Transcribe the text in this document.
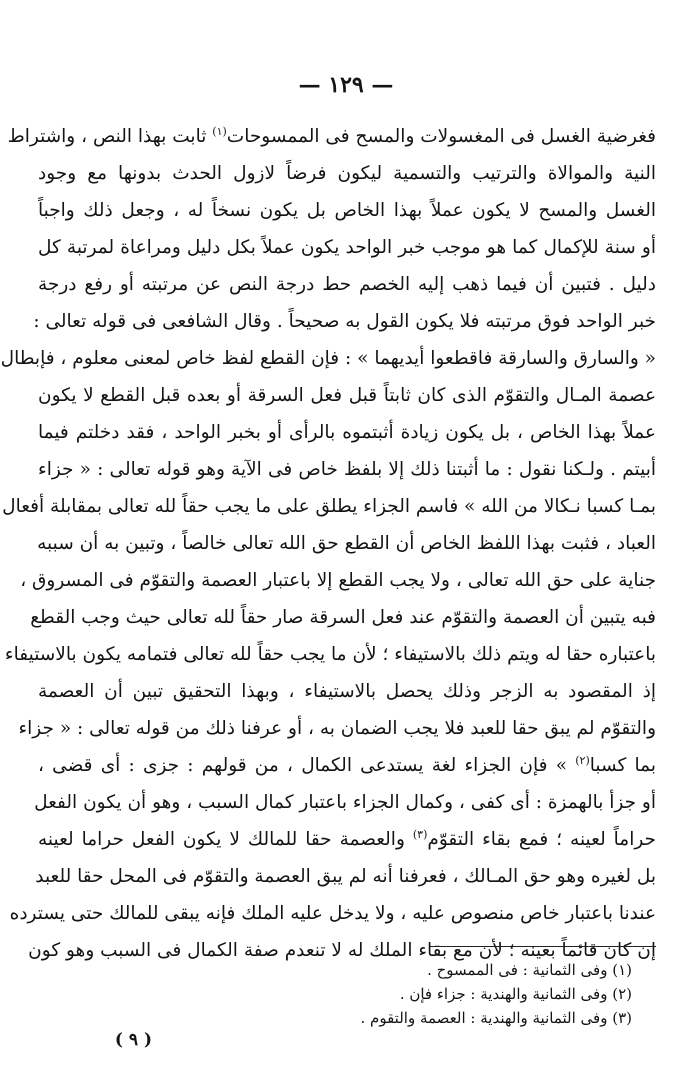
— ١٢٩ —
فغرضية الغسل فى المغسولات والمسح فى الممسوحات$^{(١)}$ ثابت بهذا النص ، واشتراط
النية والموالاة والترتيب والتسمية ليكون فرضاً لازول الحدث بدونها مع وجود
الغسل والمسح لا يكون عملاً بهذا الخاص بل يكون نسخاً له ، وجعل ذلك واجباً
أو سنة للإكمال كما هو موجب خبر الواحد يكون عملاً بكل دليل ومراعاة لمرتبة كل
دليل . فتبين أن فيما ذهب إليه الخصم حط درجة النص عن مرتبته أو رفع درجة
خبر الواحد فوق مرتبته فلا يكون القول به صحيحاً . وقال الشافعى فى قوله تعالى :
« والسارق والسارقة فاقطعوا أيديهما » : فإن القطع لفظ خاص لمعنى معلوم ، فإبطال
عصمة المـال والتقوّم الذى كان ثابتاً قبل فعل السرقة أو بعده قبل القطع لا يكون
عملاً بهذا الخاص ، بل يكون زيادة أثبتموه بالرأى أو بخبر الواحد ، فقد دخلتم فيما
أبيتم . ولـكنا نقول : ما أثبتنا ذلك إلا بلفظ خاص فى الآية وهو قوله تعالى : « جزاء
بمـا كسبا نـكالا من الله » فاسم الجزاء يطلق على ما يجب حقاً لله تعالى بمقابلة أفعال
العباد ، فثبت بهذا اللفظ الخاص أن القطع حق الله تعالى خالصاً ، وتبين به أن سببه
جناية على حق الله تعالى ، ولا يجب القطع إلا باعتبار العصمة والتقوّم فى المسروق ،
فبه يتبين أن العصمة والتقوّم عند فعل السرقة صار حقاً لله تعالى حيث وجب القطع
باعتباره حقا له ويتم ذلك بالاستيفاء ؛ لأن ما يجب حقاً لله تعالى فتمامه يكون بالاستيفاء
إذ المقصود به الزجر وذلك يحصل بالاستيفاء ، وبهذا التحقيق تبين أن العصمة
والتقوّم لم يبق حقا للعبد فلا يجب الضمان به ، أو عرفنا ذلك من قوله تعالى : « جزاء
بما كسبا$^{(٢)}$ » فإن الجزاء لغة يستدعى الكمال ، من قولهم : جزى : أى قضى ،
أو جزأ بالهمزة : أى كفى ، وكمال الجزاء باعتبار كمال السبب ، وهو أن يكون الفعل
حراماً لعينه ؛ فمع بقاء التقوّم$^{(٣)}$ والعصمة حقا للمالك لا يكون الفعل حراما لعينه
بل لغيره وهو حق المـالك ، فعرفنا أنه لم يبق العصمة والتقوّم فى المحل حقا للعبد
عندنا باعتبار خاص منصوص عليه ، ولا يدخل عليه الملك فإنه يبقى للمالك حتى يسترده
إن كان قائماً بعينه ؛ لأن مع بقاء الملك له لا تنعدم صفة الكمال فى السبب وهو كون
(١) وفى الثمانية : فى الممسوح .
(٢) وفى الثمانية والهندية : جزاء فإن .
(٣) وفى الثمانية والهندية : العصمة والتقوم .
( ٩ )
